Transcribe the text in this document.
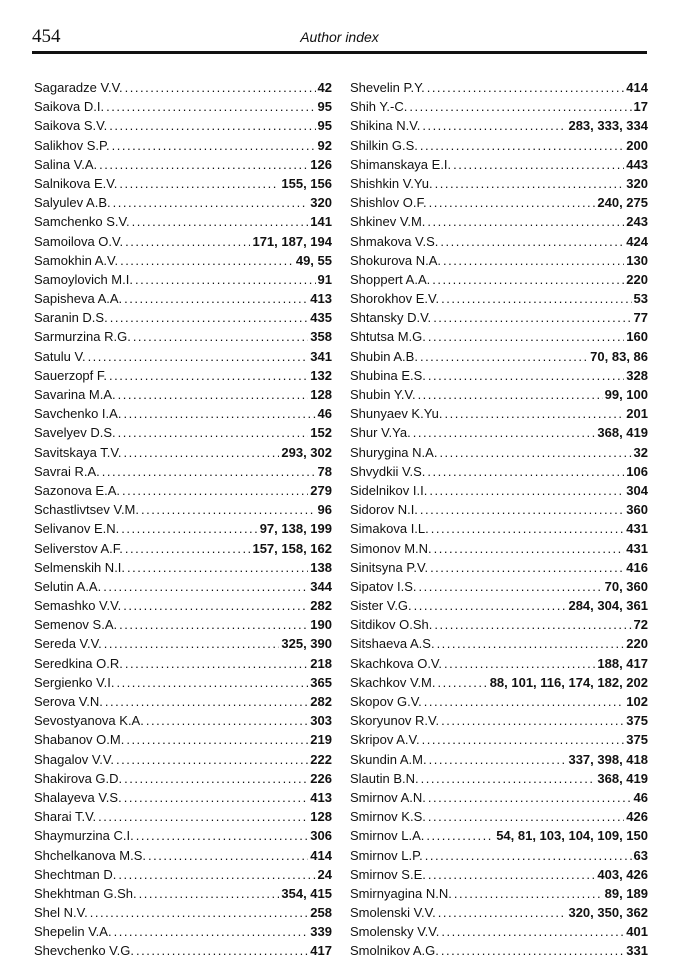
454	Author index
Sagaradze V.V. .....	42
Saikova D.I. .....	95
Saikova S.V. .....	95
Salikhov S.P. .....	92
Salina V.A. .....	126
Salnikova E.V. .....	155, 156
Salyulev A.B. .....	320
Samchenko S.V. .....	141
Samoilova O.V. .....	171, 187, 194
Samokhin A.V. .....	49, 55
Samoylovich M.I. .....	91
Sapisheva A.A. .....	413
Saranin D.S. .....	435
Sarmurzina R.G. .....	358
Satulu V. .....	341
Sauerzopf F. .....	132
Savarina M.A. .....	128
Savchenko I.A. .....	46
Savelyev D.S. .....	152
Savitskaya T.V. .....	293, 302
Savrai R.A. .....	78
Sazonova E.A. .....	279
Schastlivtsev V.M. .....	96
Selivanov E.N. .....	97, 138, 199
Seliverstov A.F. .....	157, 158, 162
Selmenskih N.I. .....	138
Selutin A.A. .....	344
Semashko V.V. .....	282
Semenov S.A. .....	190
Sereda V.V. .....	325, 390
Seredkina O.R. .....	218
Sergienko V.I. .....	365
Serova V.N. .....	282
Sevostyanova K.A. .....	303
Shabanov O.M. .....	219
Shagalov V.V. .....	222
Shakirova G.D. .....	226
Shalayeva V.S. .....	413
Sharai T.V. .....	128
Shaymurzina C.I. .....	306
Shchelkanova M.S. .....	414
Shechtman D. .....	24
Shekhtman G.Sh. .....	354, 415
Shel N.V. .....	258
Shepelin V.A. .....	339
Shevchenko V.G. .....	417
Shevelin P.Y. .....	414
Shih Y.-C. .....	17
Shikina N.V. .....	283, 333, 334
Shilkin G.S. .....	200
Shimanskaya E.I. .....	443
Shishkin V.Yu. .....	320
Shishlov O.F. .....	240, 275
Shkinev V.M. .....	243
Shmakova V.S. .....	424
Shokurova N.A. .....	130
Shoppert A.A. .....	220
Shorokhov E.V. .....	53
Shtansky D.V. .....	77
Shtutsa M.G. .....	160
Shubin A.B. .....	70, 83, 86
Shubina E.S. .....	328
Shubin Y.V. .....	99, 100
Shunyaev K.Yu. .....	201
Shur V.Ya. .....	368, 419
Shurygina N.A. .....	32
Shvydkii V.S. .....	106
Sidelnikov I.I. .....	304
Sidorov N.I. .....	360
Simakova I.L. .....	431
Simonov M.N. .....	431
Sinitsyna P.V. .....	416
Sipatov I.S. .....	70, 360
Sister V.G. .....	284, 304, 361
Sitdikov O.Sh. .....	72
Sitshaeva A.S. .....	220
Skachkova O.V. .....	188, 417
Skachkov V.M. .....	88, 101, 116, 174, 182, 202
Skopov G.V. .....	102
Skoryunov R.V. .....	375
Skripov A.V. .....	375
Skundin A.M. .....	337, 398, 418
Slautin B.N. .....	368, 419
Smirnov A.N. .....	46
Smirnov K.S. .....	426
Smirnov L.A. .....	54, 81, 103, 104, 109, 150
Smirnov L.P. .....	63
Smirnov S.E. .....	403, 426
Smirnyagina N.N. .....	89, 189
Smolenski V.V. .....	320, 350, 362
Smolensky V.V. .....	401
Smolnikov A.G. .....	331
